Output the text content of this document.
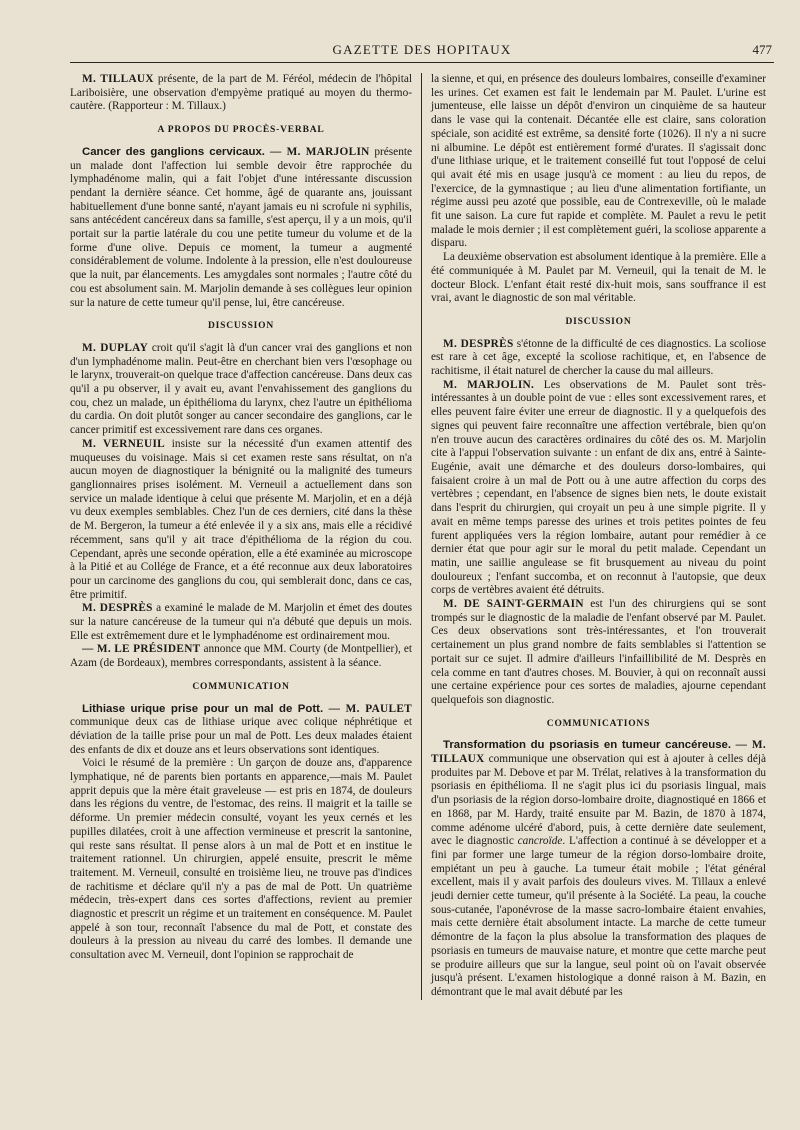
GAZETTE DES HOPITAUX	477

M. TILLAUX présente, de la part de M. Féréol, médecin de l'hôpital Lariboisière, une observation d'empyème pratiqué au moyen du thermo-cautère. (Rapporteur : M. Tillaux.)

A PROPOS DU PROCÈS-VERBAL

Cancer des ganglions cervicaux. — M. MARJOLIN présente un malade dont l'affection lui semble devoir être rapprochée du lymphadénome malin, qui a fait l'objet d'une intéressante discussion pendant la dernière séance. Cet homme, âgé de quarante ans, jouissant habituellement d'une bonne santé, n'ayant jamais eu ni scrofule ni syphilis, sans antécédent cancéreux dans sa famille, s'est aperçu, il y a un mois, qu'il portait sur la partie latérale du cou une petite tumeur du volume et de la forme d'une olive. Depuis ce moment, la tumeur a augmenté considérablement de volume. Indolente à la pression, elle n'est douloureuse que la nuit, par élancements. Les amygdales sont normales ; l'autre côté du cou est absolument sain. M. Marjolin demande à ses collègues leur opinion sur la nature de cette tumeur qu'il pense, lui, être cancéreuse.

DISCUSSION

M. DUPLAY croit qu'il s'agit là d'un cancer vrai des ganglions et non d'un lymphadénome malin. Peut-être en cherchant bien vers l'œsophage ou le larynx, trouverait-on quelque trace d'affection cancéreuse. Dans deux cas qu'il a pu observer, il y avait eu, avant l'envahissement des ganglions du cou, chez un malade, un épithélioma du larynx, chez l'autre un épithélioma du cardia. On doit plutôt songer au cancer secondaire des ganglions, car le cancer primitif est excessivement rare dans ces organes.

M. VERNEUIL insiste sur la nécessité d'un examen attentif des muqueuses du voisinage. Mais si cet examen reste sans résultat, on n'a aucun moyen de diagnostiquer la bénignité ou la malignité des tumeurs ganglionnaires prises isolément. M. Verneuil a actuellement dans son service un malade identique à celui que présente M. Marjolin, et en a déjà vu deux exemples semblables. Chez l'un de ces derniers, cité dans la thèse de M. Bergeron, la tumeur a été enlevée il y a six ans, mais elle a récidivé récemment, sans qu'il y ait trace d'épithélioma de la région du cou. Cependant, après une seconde opération, elle a été examinée au microscope à la Pitié et au Collége de France, et a été reconnue aux deux laboratoires pour un carcinome des ganglions du cou, qui semblerait donc, dans ce cas, être primitif.

M. DESPRÈS a examiné le malade de M. Marjolin et émet des doutes sur la nature cancéreuse de la tumeur qui n'a débuté que depuis un mois. Elle est extrêmement dure et le lymphadénome est ordinairement mou.

— M. LE PRÉSIDENT annonce que MM. Courty (de Montpellier), et Azam (de Bordeaux), membres correspondants, assistent à la séance.

COMMUNICATION

Lithiase urique prise pour un mal de Pott. — M. PAULET communique deux cas de lithiase urique avec colique néphrétique et déviation de la taille prise pour un mal de Pott. Les deux malades étaient des enfants de dix et douze ans et leurs observations sont identiques.

Voici le résumé de la première : Un garçon de douze ans, d'apparence lymphatique, né de parents bien portants en apparence,—mais M. Paulet apprit depuis que la mère était graveleuse — est pris en 1874, de douleurs dans les régions du ventre, de l'estomac, des reins. Il maigrit et la taille se déforme. Un premier médecin consulté, voyant les yeux cernés et les pupilles dilatées, croit à une affection vermineuse et prescrit la santonine, qui reste sans résultat. Il pense alors à un mal de Pott et en institue le traitement rationnel. Un chirurgien, appelé ensuite, prescrit le même traitement. M. Verneuil, consulté en troisième lieu, ne trouve pas d'indices de rachitisme et déclare qu'il n'y a pas de mal de Pott. Un quatrième médecin, très-expert dans ces sortes d'affections, revient au premier diagnostic et prescrit un régime et un traitement en conséquence. M. Paulet appelé à son tour, reconnaît l'absence du mal de Pott, et constate des douleurs à la pression au niveau du carré des lombes. Il demande une consultation avec M. Verneuil, dont l'opinion se rapprochait de

la sienne, et qui, en présence des douleurs lombaires, conseille d'examiner les urines. Cet examen est fait le lendemain par M. Paulet. L'urine est jumenteuse, elle laisse un dépôt d'environ un cinquième de sa hauteur dans le vase qui la contenait. Décantée elle est claire, sans coloration spéciale, son acidité est extrême, sa densité forte (1026). Il n'y a ni sucre ni albumine. Le dépôt est entièrement formé d'urates. Il s'agissait donc d'une lithiase urique, et le traitement conseillé fut tout l'opposé de celui qui avait été mis en usage jusqu'à ce moment : au lieu du repos, de l'exercice, de la gymnastique ; au lieu d'une alimentation fortifiante, un régime aussi peu azoté que possible, eau de Contrexeville, où le malade fit une saison. La cure fut rapide et complète. M. Paulet a revu le petit malade le mois dernier ; il est complètement guéri, la scoliose apparente a disparu.

La deuxième observation est absolument identique à la première. Elle a été communiquée à M. Paulet par M. Verneuil, qui la tenait de M. le docteur Block. L'enfant était resté dix-huit mois, sans souffrance il est vrai, avant le diagnostic de son mal véritable.

DISCUSSION

M. DESPRÈS s'étonne de la difficulté de ces diagnostics. La scoliose est rare à cet âge, excepté la scoliose rachitique, et, en l'absence de rachitisme, il était naturel de chercher la cause du mal ailleurs.

M. MARJOLIN. Les observations de M. Paulet sont très-intéressantes à un double point de vue : elles sont excessivement rares, et elles peuvent faire éviter une erreur de diagnostic. Il y a quelquefois des signes qui peuvent faire reconnaître une affection vertébrale, bien qu'on n'en trouve aucun des caractères ordinaires du côté des os. M. Marjolin cite à l'appui l'observation suivante : un enfant de dix ans, entré à Sainte-Eugénie, avait une démarche et des douleurs dorso-lombaires, qui faisaient croire à un mal de Pott ou à une autre affection du corps des vertèbres ; cependant, en l'absence de signes bien nets, le doute existait dans l'esprit du chirurgien, qui croyait un peu à une simple pigrite. Il y avait en même temps paresse des urines et trois petites pointes de feu furent appliquées vers la région lombaire, autant pour remédier à ce dernier état que pour agir sur le moral du petit malade. Cependant un matin, une saillie angulease se fit brusquement au niveau du point douloureux ; l'enfant succomba, et on reconnut à l'autopsie, que deux corps de vertèbres avaient été détruits.

M. DE SAINT-GERMAIN est l'un des chirurgiens qui se sont trompés sur le diagnostic de la maladie de l'enfant observé par M. Paulet. Ces deux observations sont très-intéressantes, et l'on trouverait certainement un plus grand nombre de faits semblables si l'attention se portait sur ce sujet. Il admire d'ailleurs l'infaillibilité de M. Desprès en cela comme en tant d'autres choses. M. Bouvier, à qui on reconnaît aussi une certaine expérience pour ces sortes de maladies, ajourne cependant quelquefois son diagnostic.

COMMUNICATIONS

Transformation du psoriasis en tumeur cancéreuse. — M. TILLAUX communique une observation qui est à ajouter à celles déjà produites par M. Debove et par M. Trélat, relatives à la transformation du psoriasis en épithélioma. Il ne s'agit plus ici du psoriasis lingual, mais d'un psoriasis de la région dorso-lombaire droite, diagnostiqué en 1866 et en 1868, par M. Hardy, traité ensuite par M. Bazin, de 1870 à 1874, comme adénome ulcéré d'abord, puis, à cette dernière date seulement, avec le diagnostic cancroïde. L'affection a continué à se développer et a fini par former une large tumeur de la région dorso-lombaire droite, empiétant un peu à gauche. La tumeur était mobile ; l'état général excellent, mais il y avait parfois des douleurs vives. M. Tillaux a enlevé jeudi dernier cette tumeur, qu'il présente à la Société. La peau, la couche sous-cutanée, l'aponévrose de la masse sacro-lombaire étaient envahies, mais cette dernière était absolument intacte. La marche de cette tumeur démontre de la façon la plus absolue la transformation des plaques de psoriasis en tumeurs de mauvaise nature, et montre que cette marche peut se produire ailleurs que sur la langue, seul point où on l'avait observée jusqu'à présent. L'examen histologique a donné raison à M. Bazin, en démontrant que le mal avait débuté par les
